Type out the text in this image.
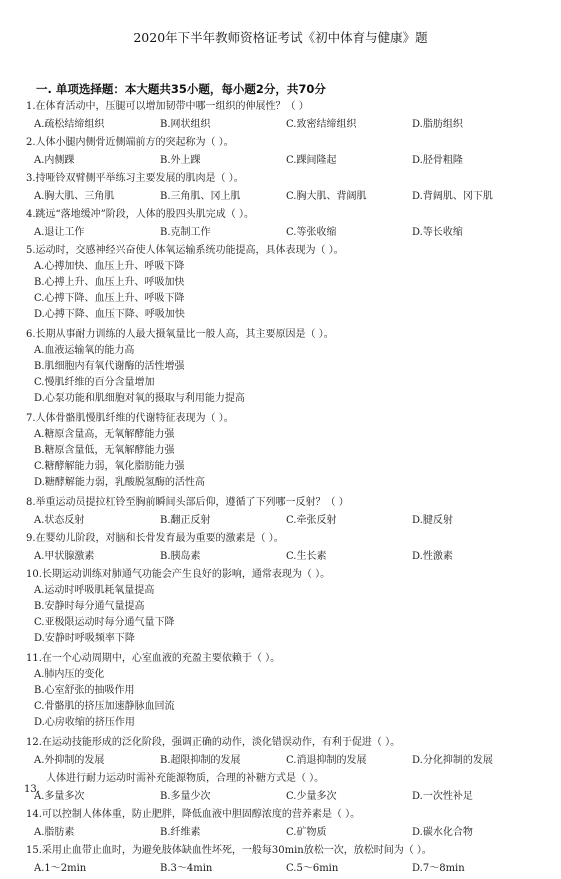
2020年下半年教师资格证考试《初中体育与健康》题
一. 单项选择题：本大题共35小题，每小题2分，共70分
1.在体育活动中，压腿可以增加韧带中哪一组织的伸展性？（ ）
A.疏松结缔组织	B.网状组织	C.致密结缔组织	D.脂肪组织
2.人体小腿内侧骨近侧端前方的突起称为（ ）。
A.内侧踝	B.外上踝	C.踝间隆起	D.胫骨粗隆
3.持哑铃双臂侧平举练习主要发展的肌肉是（ ）。
A.胸大肌、三角肌	B.三角肌、冈上肌	C.胸大肌、背阔肌	D.背阔肌、冈下肌
4.跳远“落地缓冲”阶段，人体的股四头肌完成（ ）。
A.退让工作	B.克制工作	C.等张收缩	D.等长收缩
5.运动时，交感神经兴奋使人体氧运输系统功能提高，具体表现为（ ）。
A.心搏加快、血压上升、呼吸下降
B.心搏上升、血压上升、呼吸加快
C.心搏下降、血压上升、呼吸下降
D.心搏下降、血压下降、呼吸加快
6.长期从事耐力训练的人最大摄氧量比一般人高，其主要原因是（ ）。
A.血液运输氧的能力高
B.肌细胞内有氧代谢酶的活性增强
C.慢肌纤维的百分含量增加
D.心泵功能和肌细胞对氧的摄取与利用能力提高
7.人体骨骼肌慢肌纤维的代谢特征表现为（ ）。
A.糖原含量高，无氧解酵能力强
B.糖原含量低，无氧解酵能力强
C.糖酵解能力弱，氧化脂肪能力强
D.糖酵解能力弱，乳酸脱氢酶的活性高
8.举重运动员提拉杠铃至胸前瞬间头部后仰，遵循了下列哪一反射？（ ）
A.状态反射	B.翻正反射	C.牵张反射	D.腱反射
9.在婴幼儿阶段，对脑和长骨发育最为重要的激素是（ ）。
A.甲状腺激素	B.胰岛素	C.生长素	D.性激素
10.长期运动训练对肺通气功能会产生良好的影响，通常表现为（ ）。
A.运动时呼吸肌耗氧量提高
B.安静时每分通气量提高
C.亚极限运动时每分通气量下降
D.安静时呼吸频率下降
11.在一个心动周期中，心室血液的充盈主要依赖于（ ）。
A.肺内压的变化
B.心室舒张的抽吸作用
C.骨骼肌的挤压加速静脉血回流
D.心房收缩的挤压作用
12.在运动技能形成的泛化阶段，强调正确的动作，淡化错误动作，有利于促进（ ）。
A.外抑制的发展	B.超限抑制的发展	C.消退抑制的发展	D.分化抑制的发展
13.
人体进行耐力运动时需补充能源物质，合理的补糖方式是（ ）。
A.多量多次	B.多量少次	C.少量多次	D.一次性补足
14.可以控制人体体重，防止肥胖，降低血液中胆固醇浓度的营养素是（ ）。
A.脂肪素	B.纤维素	C.矿物质	D.碳水化合物
15.采用止血带止血时，为避免肢体缺血性坏死，一般每30min放松一次，放松时间为（ ）。
A.1～2min	B.3～4min	C.5～6min	D.7～8min
